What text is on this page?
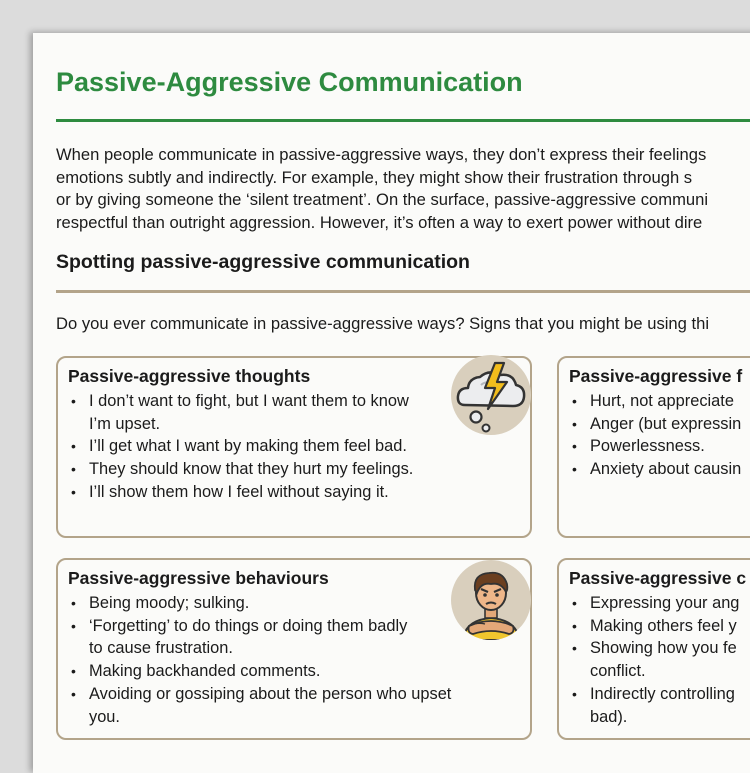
Passive-Aggressive Communication

When people communicate in passive-aggressive ways, they don’t express their feelings
emotions subtly and indirectly. For example, they might show their frustration through s
or by giving someone the ‘silent treatment’. On the surface, passive-aggressive communi
respectful than outright aggression. However, it’s often a way to exert power without dire

Spotting passive-aggressive communication

Do you ever communicate in passive-aggressive ways? Signs that you might be using thi

Passive-aggressive thoughts
• I don’t want to fight, but I want them to know
I’m upset.
• I’ll get what I want by making them feel bad.
• They should know that they hurt my feelings.
• I’ll show them how I feel without saying it.
Passive-aggressive f
• Hurt, not appreciate
• Anger (but expressin
• Powerlessness.
• Anxiety about causin
Passive-aggressive behaviours
• Being moody; sulking.
• ‘Forgetting’ to do things or doing them badly
to cause frustration.
• Making backhanded comments.
• Avoiding or gossiping about the person who upset
you.
Passive-aggressive c
• Expressing your ang
• Making others feel y
• Showing how you fe
conflict.
• Indirectly controlling
bad).
